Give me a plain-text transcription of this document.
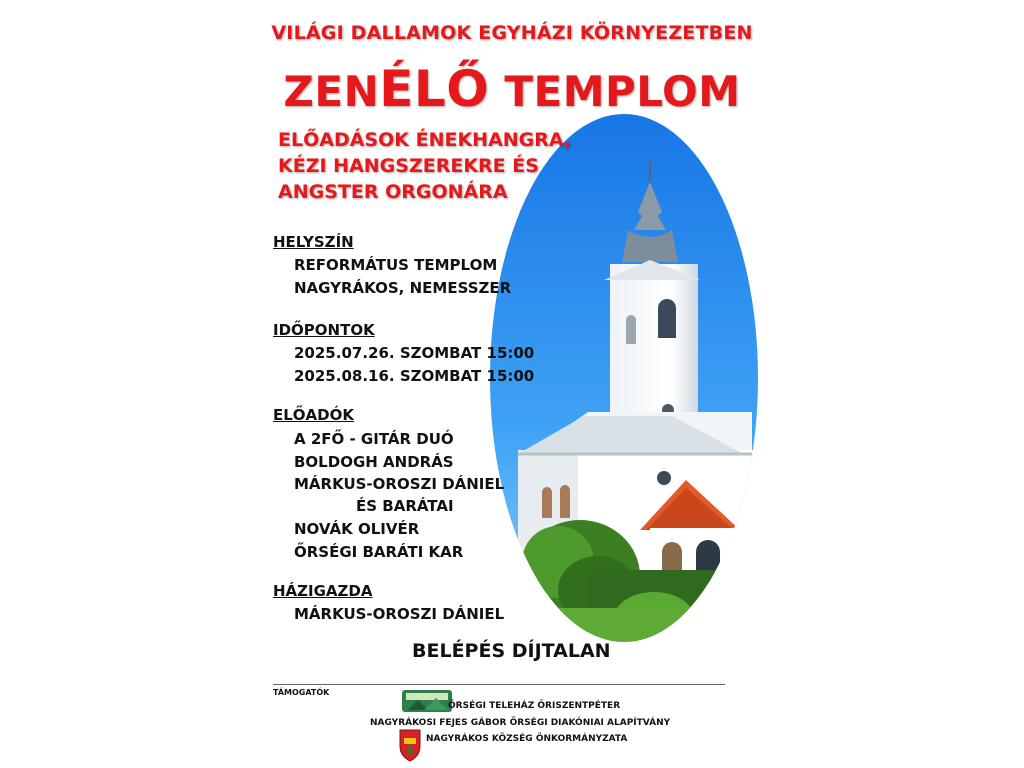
VILÁGI DALLAMOK EGYHÁZI KÖRNYEZETBEN
ZENÉLŐ TEMPLOM
ELŐADÁSOK ÉNEKHANGRA,
KÉZI HANGSZEREKRE ÉS
ANGSTER ORGONÁRA
HELYSZÍN
REFORMÁTUS TEMPLOM
NAGYRÁKOS, NEMESSZER
IDŐPONTOK
2025.07.26. SZOMBAT 15:00
2025.08.16. SZOMBAT 15:00
ELŐADÓK
A 2FŐ - GITÁR DUÓ
BOLDOGH ANDRÁS
MÁRKUS-OROSZI DÁNIEL
ÉS BARÁTAI
NOVÁK OLIVÉR
ŐRSÉGI BARÁTI KAR
HÁZIGAZDA
MÁRKUS-OROSZI DÁNIEL
BELÉPÉS DÍJTALAN
TÁMOGATÓK
ŐRSÉGI TELEHÁZ ŐRISZENTPÉTER
NAGYRÁKOSI FEJES GÁBOR ŐRSÉGI DIAKÓNIAI ALAPÍTVÁNY
NAGYRÁKOS KÖZSÉG ÖNKORMÁNYZATA
